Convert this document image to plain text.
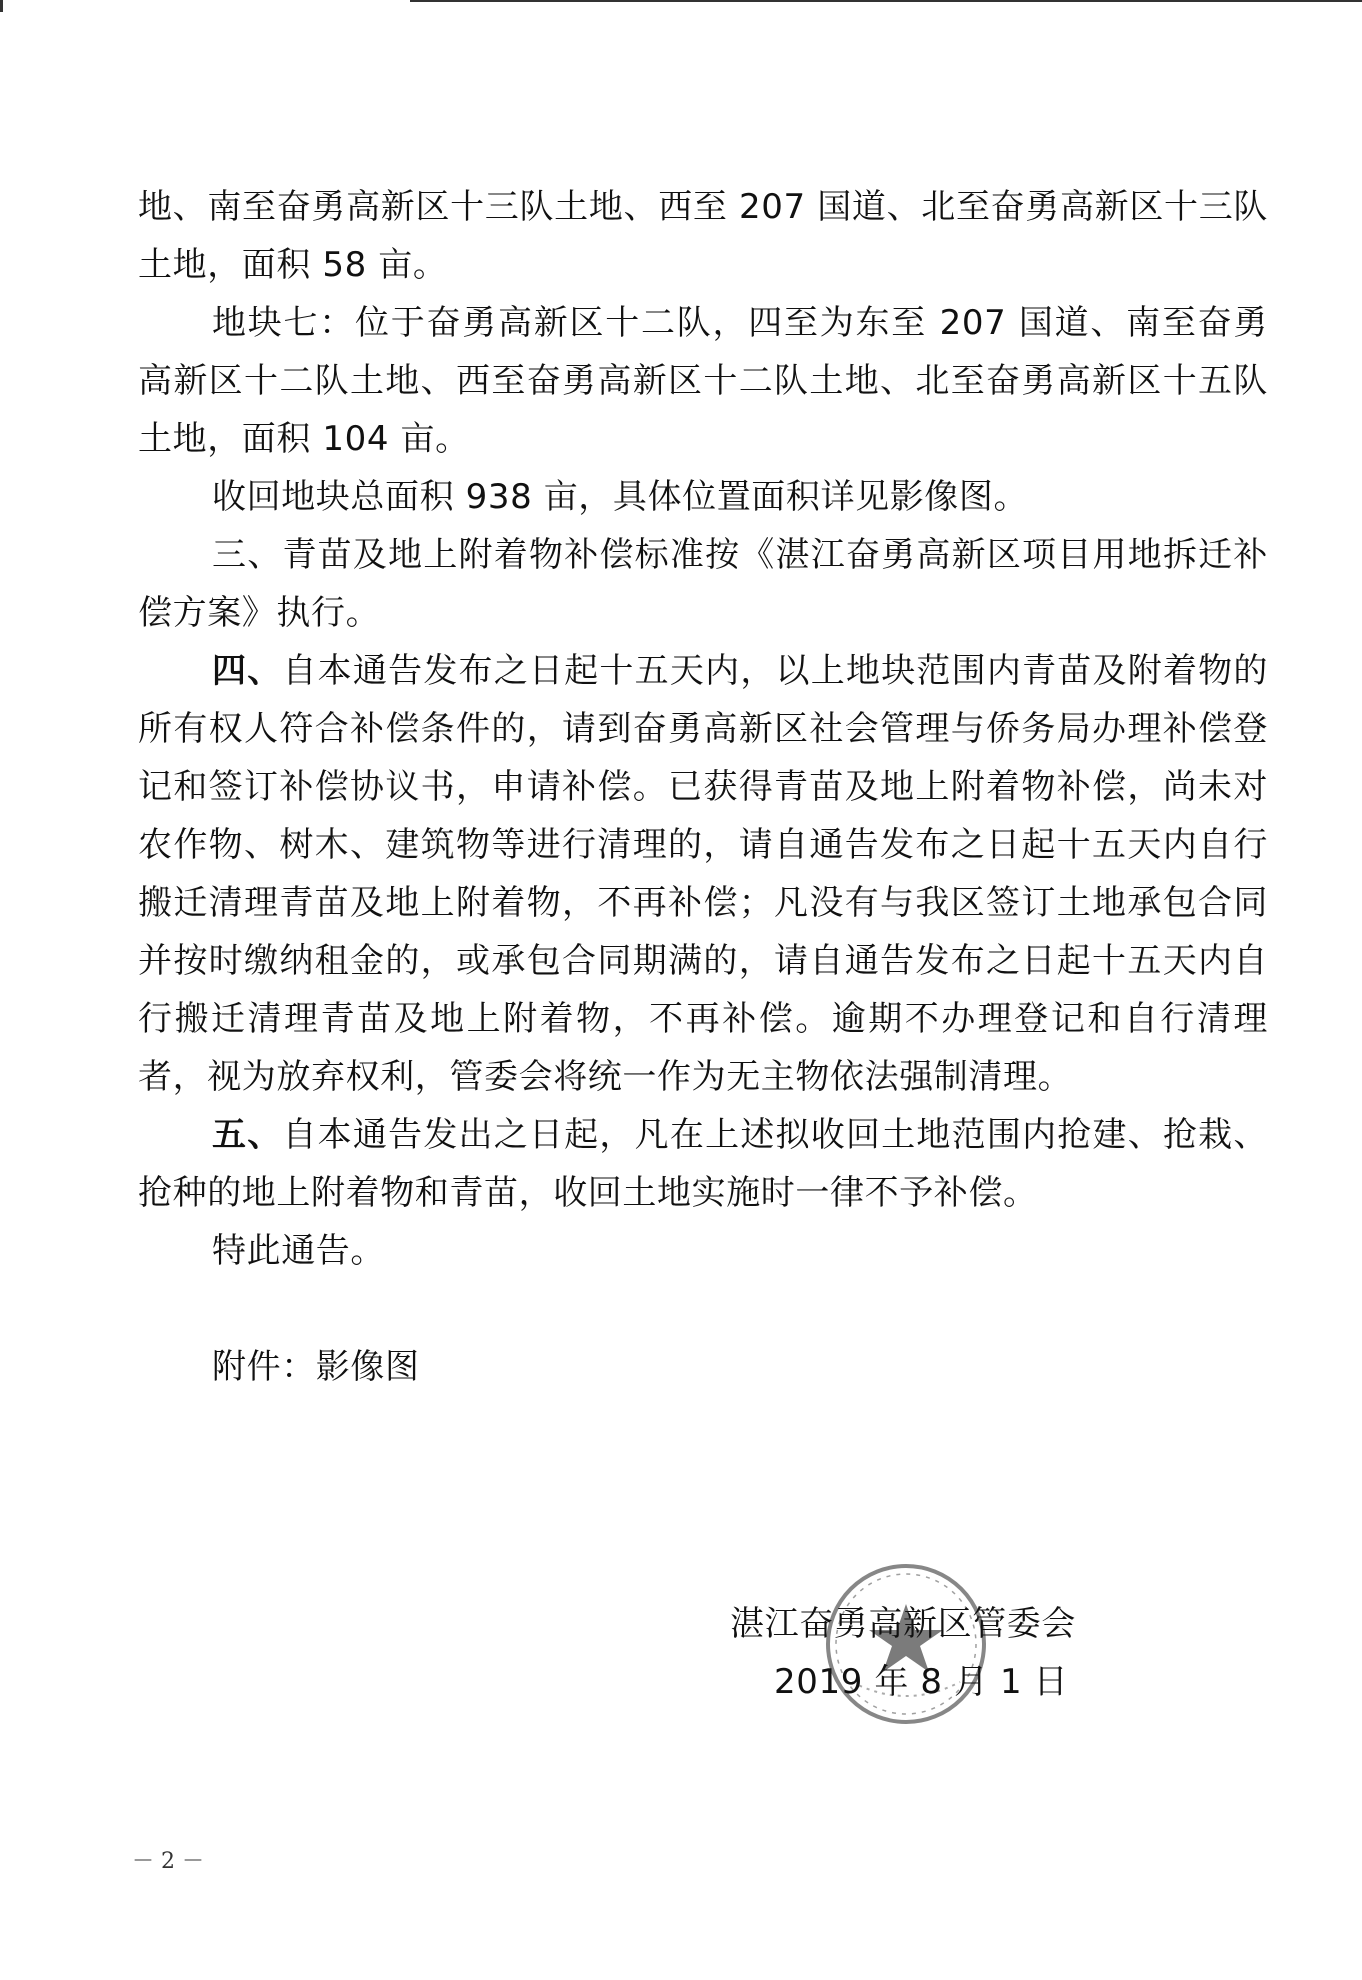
地、南至奋勇高新区十三队土地、西至 207 国道、北至奋勇高新区十三队土地，面积 58 亩。

地块七：位于奋勇高新区十二队，四至为东至 207 国道、南至奋勇高新区十二队土地、西至奋勇高新区十二队土地、北至奋勇高新区十五队土地，面积 104 亩。

收回地块总面积 938 亩，具体位置面积详见影像图。

三、青苗及地上附着物补偿标准按《湛江奋勇高新区项目用地拆迁补偿方案》执行。

四、自本通告发布之日起十五天内，以上地块范围内青苗及附着物的所有权人符合补偿条件的，请到奋勇高新区社会管理与侨务局办理补偿登记和签订补偿协议书，申请补偿。已获得青苗及地上附着物补偿，尚未对农作物、树木、建筑物等进行清理的，请自通告发布之日起十五天内自行搬迁清理青苗及地上附着物，不再补偿；凡没有与我区签订土地承包合同并按时缴纳租金的，或承包合同期满的，请自通告发布之日起十五天内自行搬迁清理青苗及地上附着物，不再补偿。逾期不办理登记和自行清理者，视为放弃权利，管委会将统一作为无主物依法强制清理。

五、自本通告发出之日起，凡在上述拟收回土地范围内抢建、抢栽、抢种的地上附着物和青苗，收回土地实施时一律不予补偿。

特此通告。

附件：影像图

湛江奋勇高新区管委会
2019 年 8 月 1 日
－ 2 －
